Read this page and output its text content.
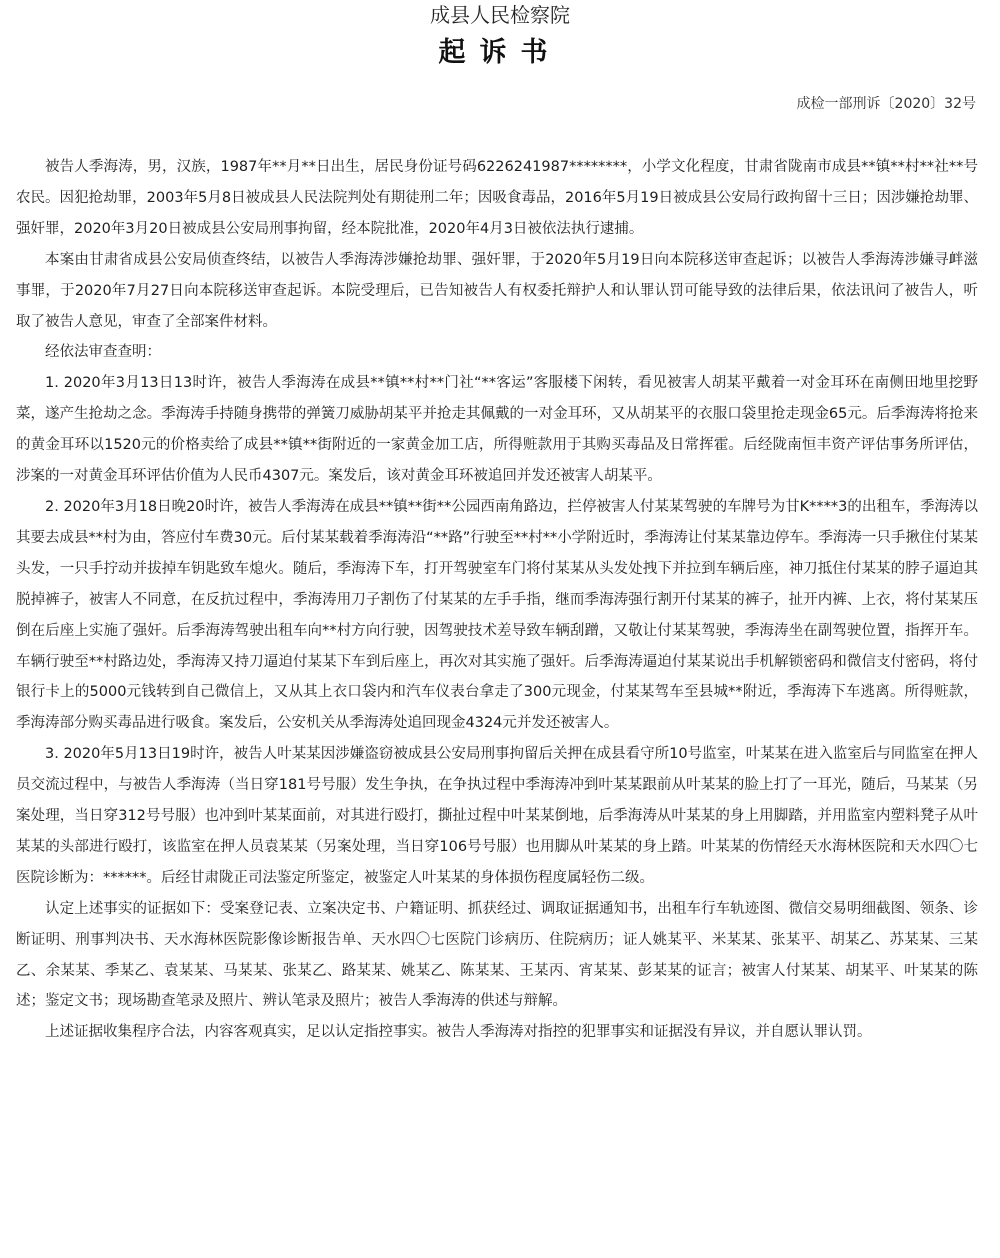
成县人民检察院
起诉书
成检一部刑诉〔2020〕32号

被告人季海涛，男，汉族，1987年**月**日出生，居民身份证号码6226241987********，小学文化程度，甘肃省陇南市成县**镇**村**社**号农民。因犯抢劫罪，2003年5月8日被成县人民法院判处有期徒刑二年；因吸食毒品，2016年5月19日被成县公安局行政拘留十三日；因涉嫌抢劫罪、强奸罪，2020年3月20日被成县公安局刑事拘留，经本院批准，2020年4月3日被依法执行逮捕。

本案由甘肃省成县公安局侦查终结，以被告人季海涛涉嫌抢劫罪、强奸罪，于2020年5月19日向本院移送审查起诉；以被告人季海涛涉嫌寻衅滋事罪，于2020年7月27日向本院移送审查起诉。本院受理后，已告知被告人有权委托辩护人和认罪认罚可能导致的法律后果，依法讯问了被告人，听取了被告人意见，审查了全部案件材料。

经依法审查查明：

1. 2020年3月13日13时许，被告人季海涛在成县**镇**村**门社“**客运”客服楼下闲转，看见被害人胡某平戴着一对金耳环在南侧田地里挖野菜，遂产生抢劫之念。季海涛手持随身携带的弹簧刀威胁胡某平并抢走其佩戴的一对金耳环，又从胡某平的衣服口袋里抢走现金65元。后季海涛将抢来的黄金耳环以1520元的价格卖给了成县**镇**街附近的一家黄金加工店，所得赃款用于其购买毒品及日常挥霍。后经陇南恒丰资产评估事务所评估，涉案的一对黄金耳环评估价值为人民币4307元。案发后，该对黄金耳环被追回并发还被害人胡某平。

2. 2020年3月18日晚20时许，被告人季海涛在成县**镇**街**公园西南角路边，拦停被害人付某某驾驶的车牌号为甘K****3的出租车，季海涛以其要去成县**村为由，答应付车费30元。后付某某载着季海涛沿“**路”行驶至**村**小学附近时，季海涛让付某某靠边停车。季海涛一只手揪住付某某头发，一只手拧动并拔掉车钥匙致车熄火。随后，季海涛下车，打开驾驶室车门将付某某从头发处拽下并拉到车辆后座，神刀抵住付某某的脖子逼迫其脱掉裤子，被害人不同意，在反抗过程中，季海涛用刀子割伤了付某某的左手手指，继而季海涛强行割开付某某的裤子，扯开内裤、上衣，将付某某压倒在后座上实施了强奸。后季海涛驾驶出租车向**村方向行驶，因驾驶技术差导致车辆刮蹭，又敬让付某某驾驶，季海涛坐在副驾驶位置，指挥开车。车辆行驶至**村路边处，季海涛又持刀逼迫付某某下车到后座上，再次对其实施了强奸。后季海涛逼迫付某某说出手机解锁密码和微信支付密码，将付银行卡上的5000元钱转到自己微信上，又从其上衣口袋内和汽车仪表台拿走了300元现金，付某某驾车至县城**附近，季海涛下车逃离。所得赃款，季海涛部分购买毒品进行吸食。案发后，公安机关从季海涛处追回现金4324元并发还被害人。

3. 2020年5月13日19时许，被告人叶某某因涉嫌盗窃被成县公安局刑事拘留后关押在成县看守所10号监室，叶某某在进入监室后与同监室在押人员交流过程中，与被告人季海涛（当日穿181号号服）发生争执，在争执过程中季海涛冲到叶某某跟前从叶某某的脸上打了一耳光，随后，马某某（另案处理，当日穿312号号服）也冲到叶某某面前，对其进行殴打，撕扯过程中叶某某倒地，后季海涛从叶某某的身上用脚踏，并用监室内塑料凳子从叶某某的头部进行殴打，该监室在押人员袁某某（另案处理，当日穿106号号服）也用脚从叶某某的身上踏。叶某某的伤情经天水海林医院和天水四〇七医院诊断为：******。后经甘肃陇正司法鉴定所鉴定，被鉴定人叶某某的身体损伤程度属轻伤二级。

认定上述事实的证据如下：受案登记表、立案决定书、户籍证明、抓获经过、调取证据通知书，出租车行车轨迹图、微信交易明细截图、领条、诊断证明、刑事判决书、天水海林医院影像诊断报告单、天水四〇七医院门诊病历、住院病历；证人姚某平、米某某、张某平、胡某乙、苏某某、三某乙、余某某、季某乙、袁某某、马某某、张某乙、路某某、姚某乙、陈某某、王某丙、宵某某、彭某某的证言；被害人付某某、胡某平、叶某某的陈述；鉴定文书；现场勘查笔录及照片、辨认笔录及照片；被告人季海涛的供述与辩解。

上述证据收集程序合法，内容客观真实，足以认定指控事实。被告人季海涛对指控的犯罪事实和证据没有异议，并自愿认罪认罚。
